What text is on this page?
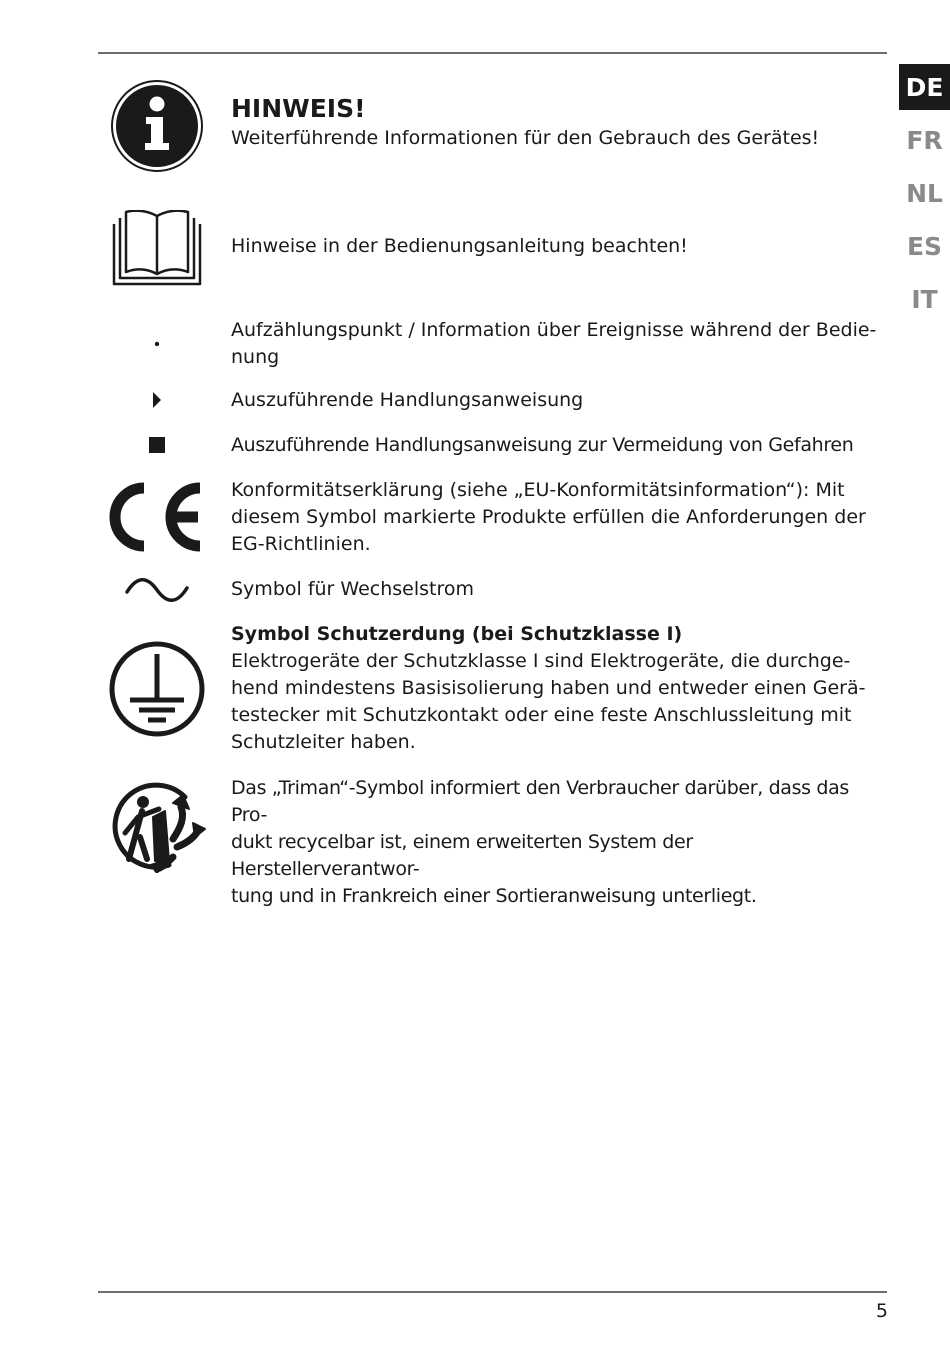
DE
FR
NL
ES
IT

HINWEIS!

Weiterführende Informationen für den Gebrauch des Gerätes!

Hinweise in der Bedienungsanleitung beachten!

Aufzählungspunkt / Information über Ereignisse während der Bedie-

nung

Auszuführende Handlungsanweisung

Auszuführende Handlungsanweisung zur Vermeidung von Gefahren

Konformitätserklärung (siehe „EU-Konformitätsinformation“): Mit

diesem Symbol markierte Produkte erfüllen die Anforderungen der

EG-Richtlinien.

Symbol für Wechselstrom

Symbol Schutzerdung (bei Schutzklasse I)

Elektrogeräte der Schutzklasse I sind Elektrogeräte, die durchge-

hend mindestens Basisisolierung haben und entweder einen Gerä-

testecker mit Schutzkontakt oder eine feste Anschlussleitung mit

Schutzleiter haben.

Das „Triman“-Symbol informiert den Verbraucher darüber, dass das Pro-

dukt recycelbar ist, einem erweiterten System der Herstellerverantwor-

tung und in Frankreich einer Sortieranweisung unterliegt.

5
